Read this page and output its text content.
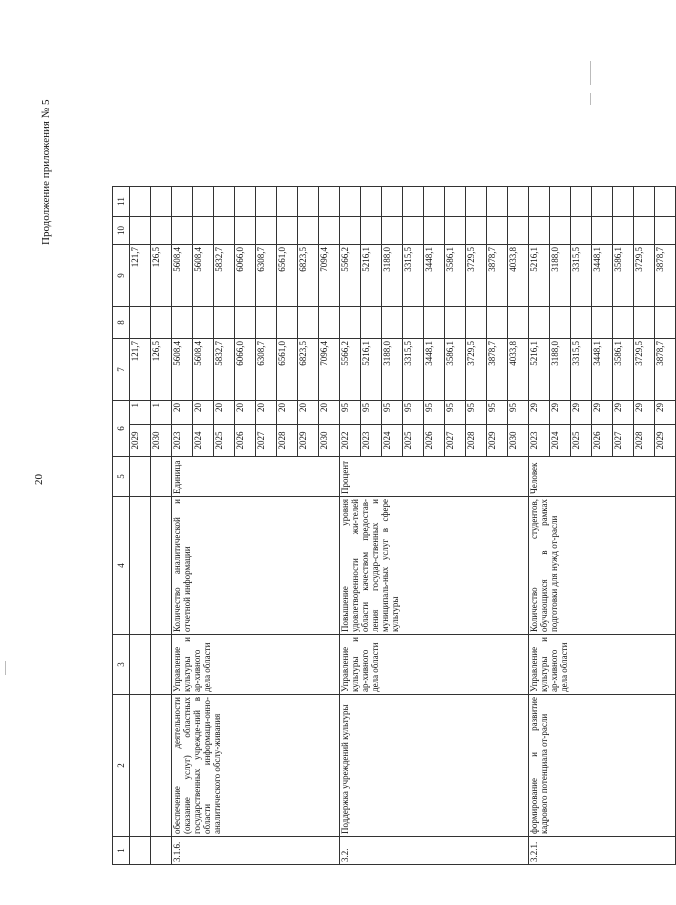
Продолжение приложения № 5
20
1	2	3	4	5	6		7	8	9	10	11
					2029	1	121,7		121,7		
					2030	1	126,5		126,5		
3.1.6.	обеспечение деятельности (оказание услуг) областных государственных учрежде-ний в области информаци-онно-аналитического обслу-живания	Управление культуры и ар-хивного дела области	Количество аналитической и отчетной информации	Единица	2023	20	5608,4		5608,4		
					2024	20	5608,4		5608,4		
					2025	20	5832,7		5832,7		
					2026	20	6066,0		6066,0		
					2027	20	6308,7		6308,7		
					2028	20	6561,0		6561,0		
					2029	20	6823,5		6823,5		
					2030	20	7096,4		7096,4		
3.2.	Поддержка учреждений культуры	Управление культуры и ар-хивного дела области	Повышение уровня удовлетворенности жи-телей области качеством предостав-ления государ-ственных и муниципаль-ных услуг в сфере культуры	Процент	2022	95	5566,2		5566,2		
					2023	95	5216,1		5216,1		
					2024	95	3188,0		3188,0		
					2025	95	3315,5		3315,5		
					2026	95	3448,1		3448,1		
					2027	95	3586,1		3586,1		
					2028	95	3729,5		3729,5		
					2029	95	3878,7		3878,7		
					2030	95	4033,8		4033,8		
3.2.1.	формирование и развитие кадрового потенциала от-расли	Управление культуры и ар-хивного дела области	Количество студентов, обучающихся в рамках подготовки для нужд от-расли	Человек	2023	29	5216,1		5216,1		
					2024	29	3188,0		3188,0		
					2025	29	3315,5		3315,5		
					2026	29	3448,1		3448,1		
					2027	29	3586,1		3586,1		
					2028	29	3729,5		3729,5		
					2029	29	3878,7		3878,7		
